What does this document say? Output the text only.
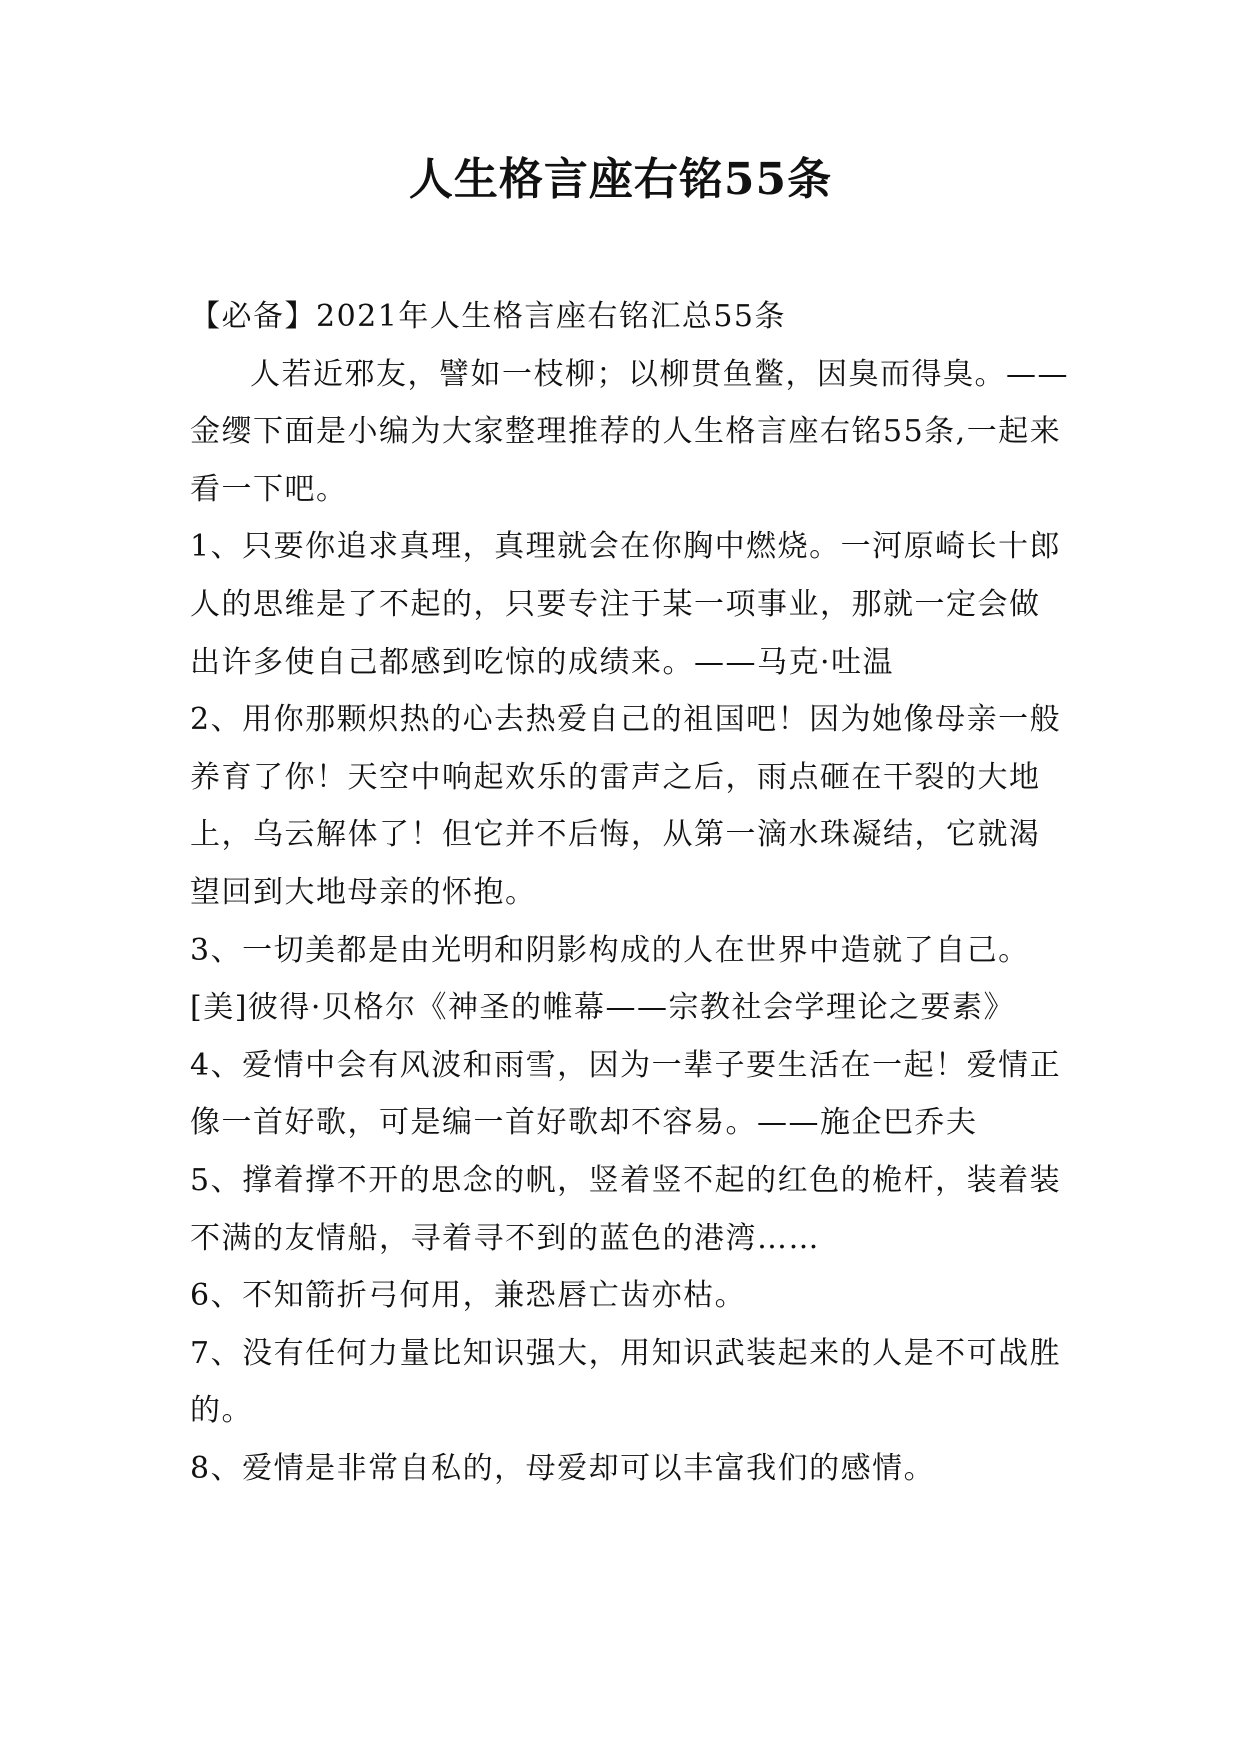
人生格言座右铭55条

【必备】2021年人生格言座右铭汇总55条

人若近邪友，譬如一枝柳；以柳贯鱼鳖，因臭而得臭。——金缨下面是小编为大家整理推荐的人生格言座右铭55条,一起来看一下吧。

1、只要你追求真理，真理就会在你胸中燃烧。一河原崎长十郎人的思维是了不起的，只要专注于某一项事业，那就一定会做出许多使自己都感到吃惊的成绩来。——马克·吐温

2、用你那颗炽热的心去热爱自己的祖国吧！因为她像母亲一般养育了你！天空中响起欢乐的雷声之后，雨点砸在干裂的大地上，乌云解体了！但它并不后悔，从第一滴水珠凝结，它就渴望回到大地母亲的怀抱。

3、一切美都是由光明和阴影构成的人在世界中造就了自己。[美]彼得·贝格尔《神圣的帷幕——宗教社会学理论之要素》

4、爱情中会有风波和雨雪，因为一辈子要生活在一起！爱情正像一首好歌，可是编一首好歌却不容易。——施企巴乔夫

5、撑着撑不开的思念的帆，竖着竖不起的红色的桅杆，装着装不满的友情船，寻着寻不到的蓝色的港湾……

6、不知箭折弓何用，兼恐唇亡齿亦枯。

7、没有任何力量比知识强大，用知识武装起来的人是不可战胜的。

8、爱情是非常自私的，母爱却可以丰富我们的感情。
